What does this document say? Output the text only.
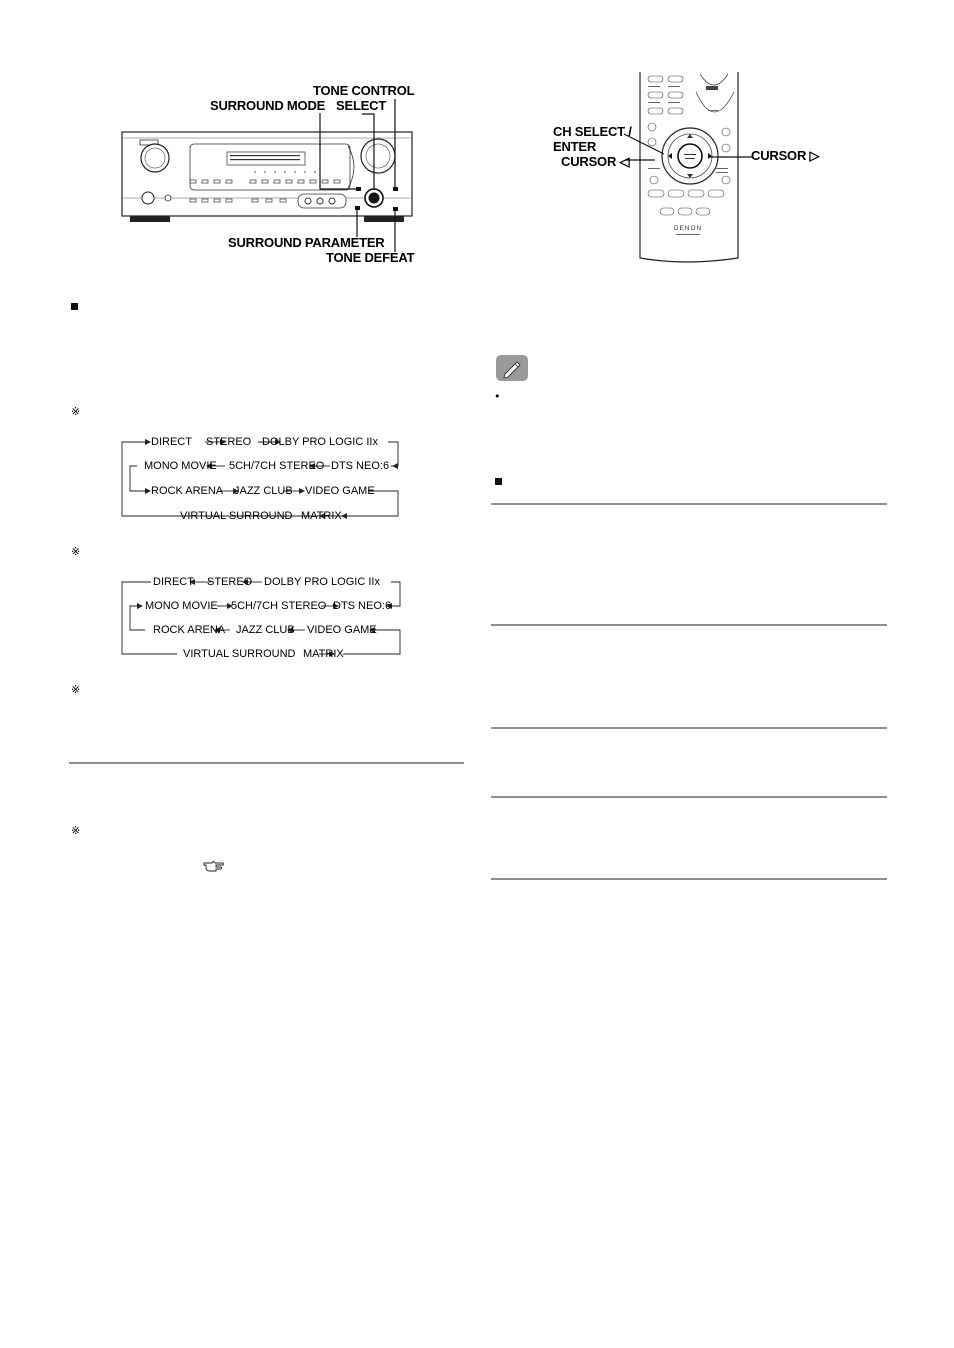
TONE CONTROL
SURROUND MODE SELECT
SURROUND PARAMETER
TONE DEFEAT
DENON
CH SELECT /
ENTER
CURSOR ◁	CURSOR ▷
※
DIRECT STEREO DOLBY PRO LOGIC IIx
MONO MOVIE 5CH/7CH STEREO DTS NEO:6
ROCK ARENA JAZZ CLUB VIDEO GAME
VIRTUAL SURROUND MATRIX
※
DIRECT STEREO DOLBY PRO LOGIC IIx
MONO MOVIE 5CH/7CH STEREO DTS NEO:6
ROCK ARENA JAZZ CLUB VIDEO GAME
VIRTUAL SURROUND MATRIX
※
※
•
